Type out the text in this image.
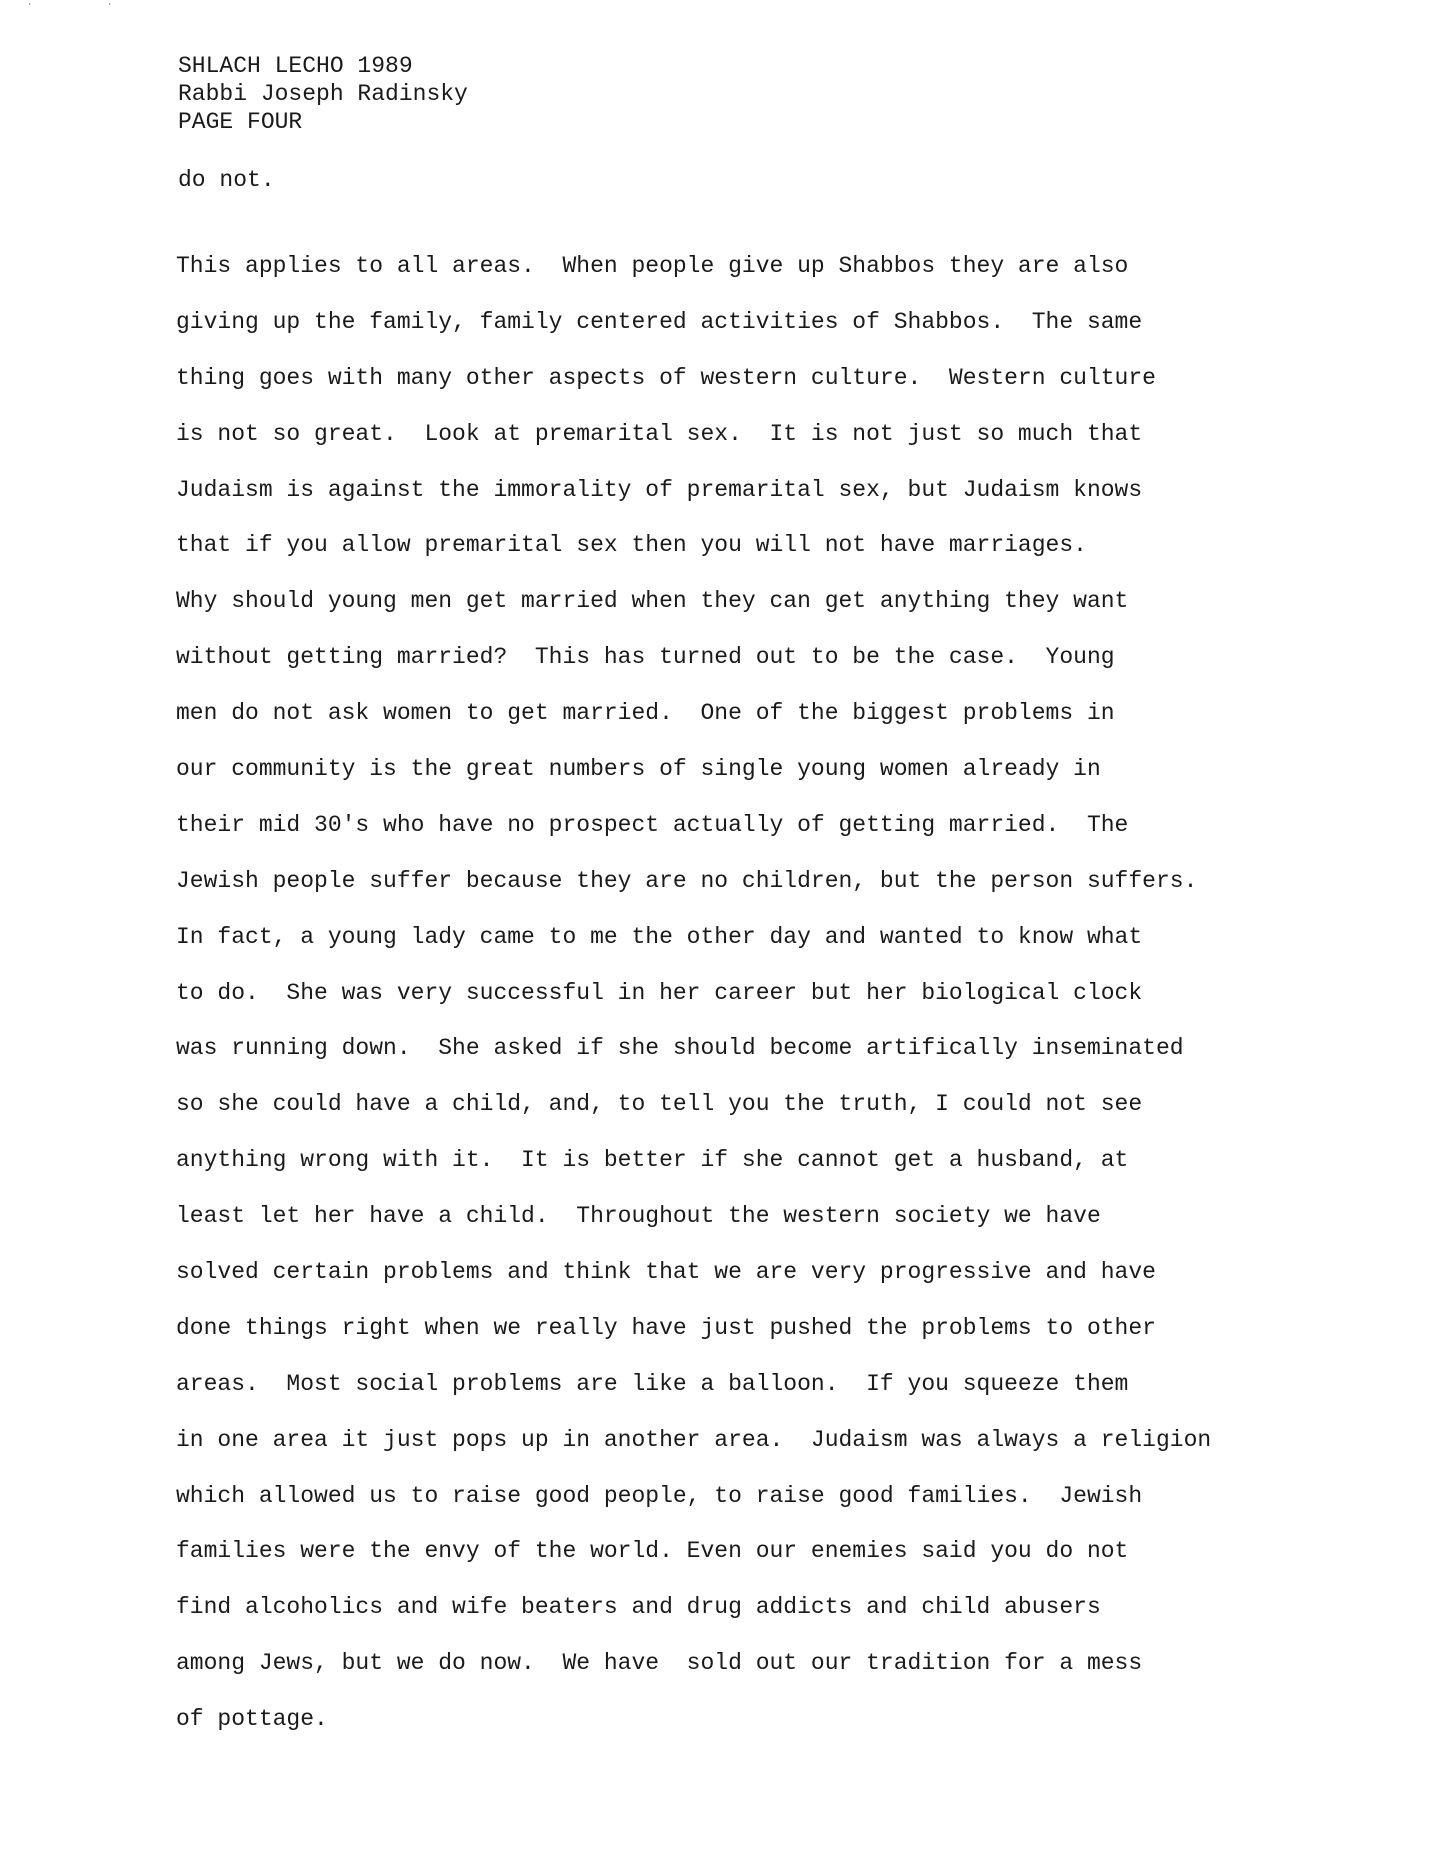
˙	˙
SHLACH LECHO 1989
Rabbi Joseph Radinsky
PAGE FOUR
do not.
This applies to all areas.  When people give up Shabbos they are also
giving up the family, family centered activities of Shabbos.  The same
thing goes with many other aspects of western culture.  Western culture
is not so great.  Look at premarital sex.  It is not just so much that
Judaism is against the immorality of premarital sex, but Judaism knows
that if you allow premarital sex then you will not have marriages.
Why should young men get married when they can get anything they want
without getting married?  This has turned out to be the case.  Young
men do not ask women to get married.  One of the biggest problems in
our community is the great numbers of single young women already in
their mid 30's who have no prospect actually of getting married.  The
Jewish people suffer because they are no children, but the person suffers.
In fact, a young lady came to me the other day and wanted to know what
to do.  She was very successful in her career but her biological clock
was running down.  She asked if she should become artifically inseminated
so she could have a child, and, to tell you the truth, I could not see
anything wrong with it.  It is better if she cannot get a husband, at
least let her have a child.  Throughout the western society we have
solved certain problems and think that we are very progressive and have
done things right when we really have just pushed the problems to other
areas.  Most social problems are like a balloon.  If you squeeze them
in one area it just pops up in another area.  Judaism was always a religion
which allowed us to raise good people, to raise good families.  Jewish
families were the envy of the world. Even our enemies said you do not
find alcoholics and wife beaters and drug addicts and child abusers
among Jews, but we do now.  We have  sold out our tradition for a mess
of pottage.
